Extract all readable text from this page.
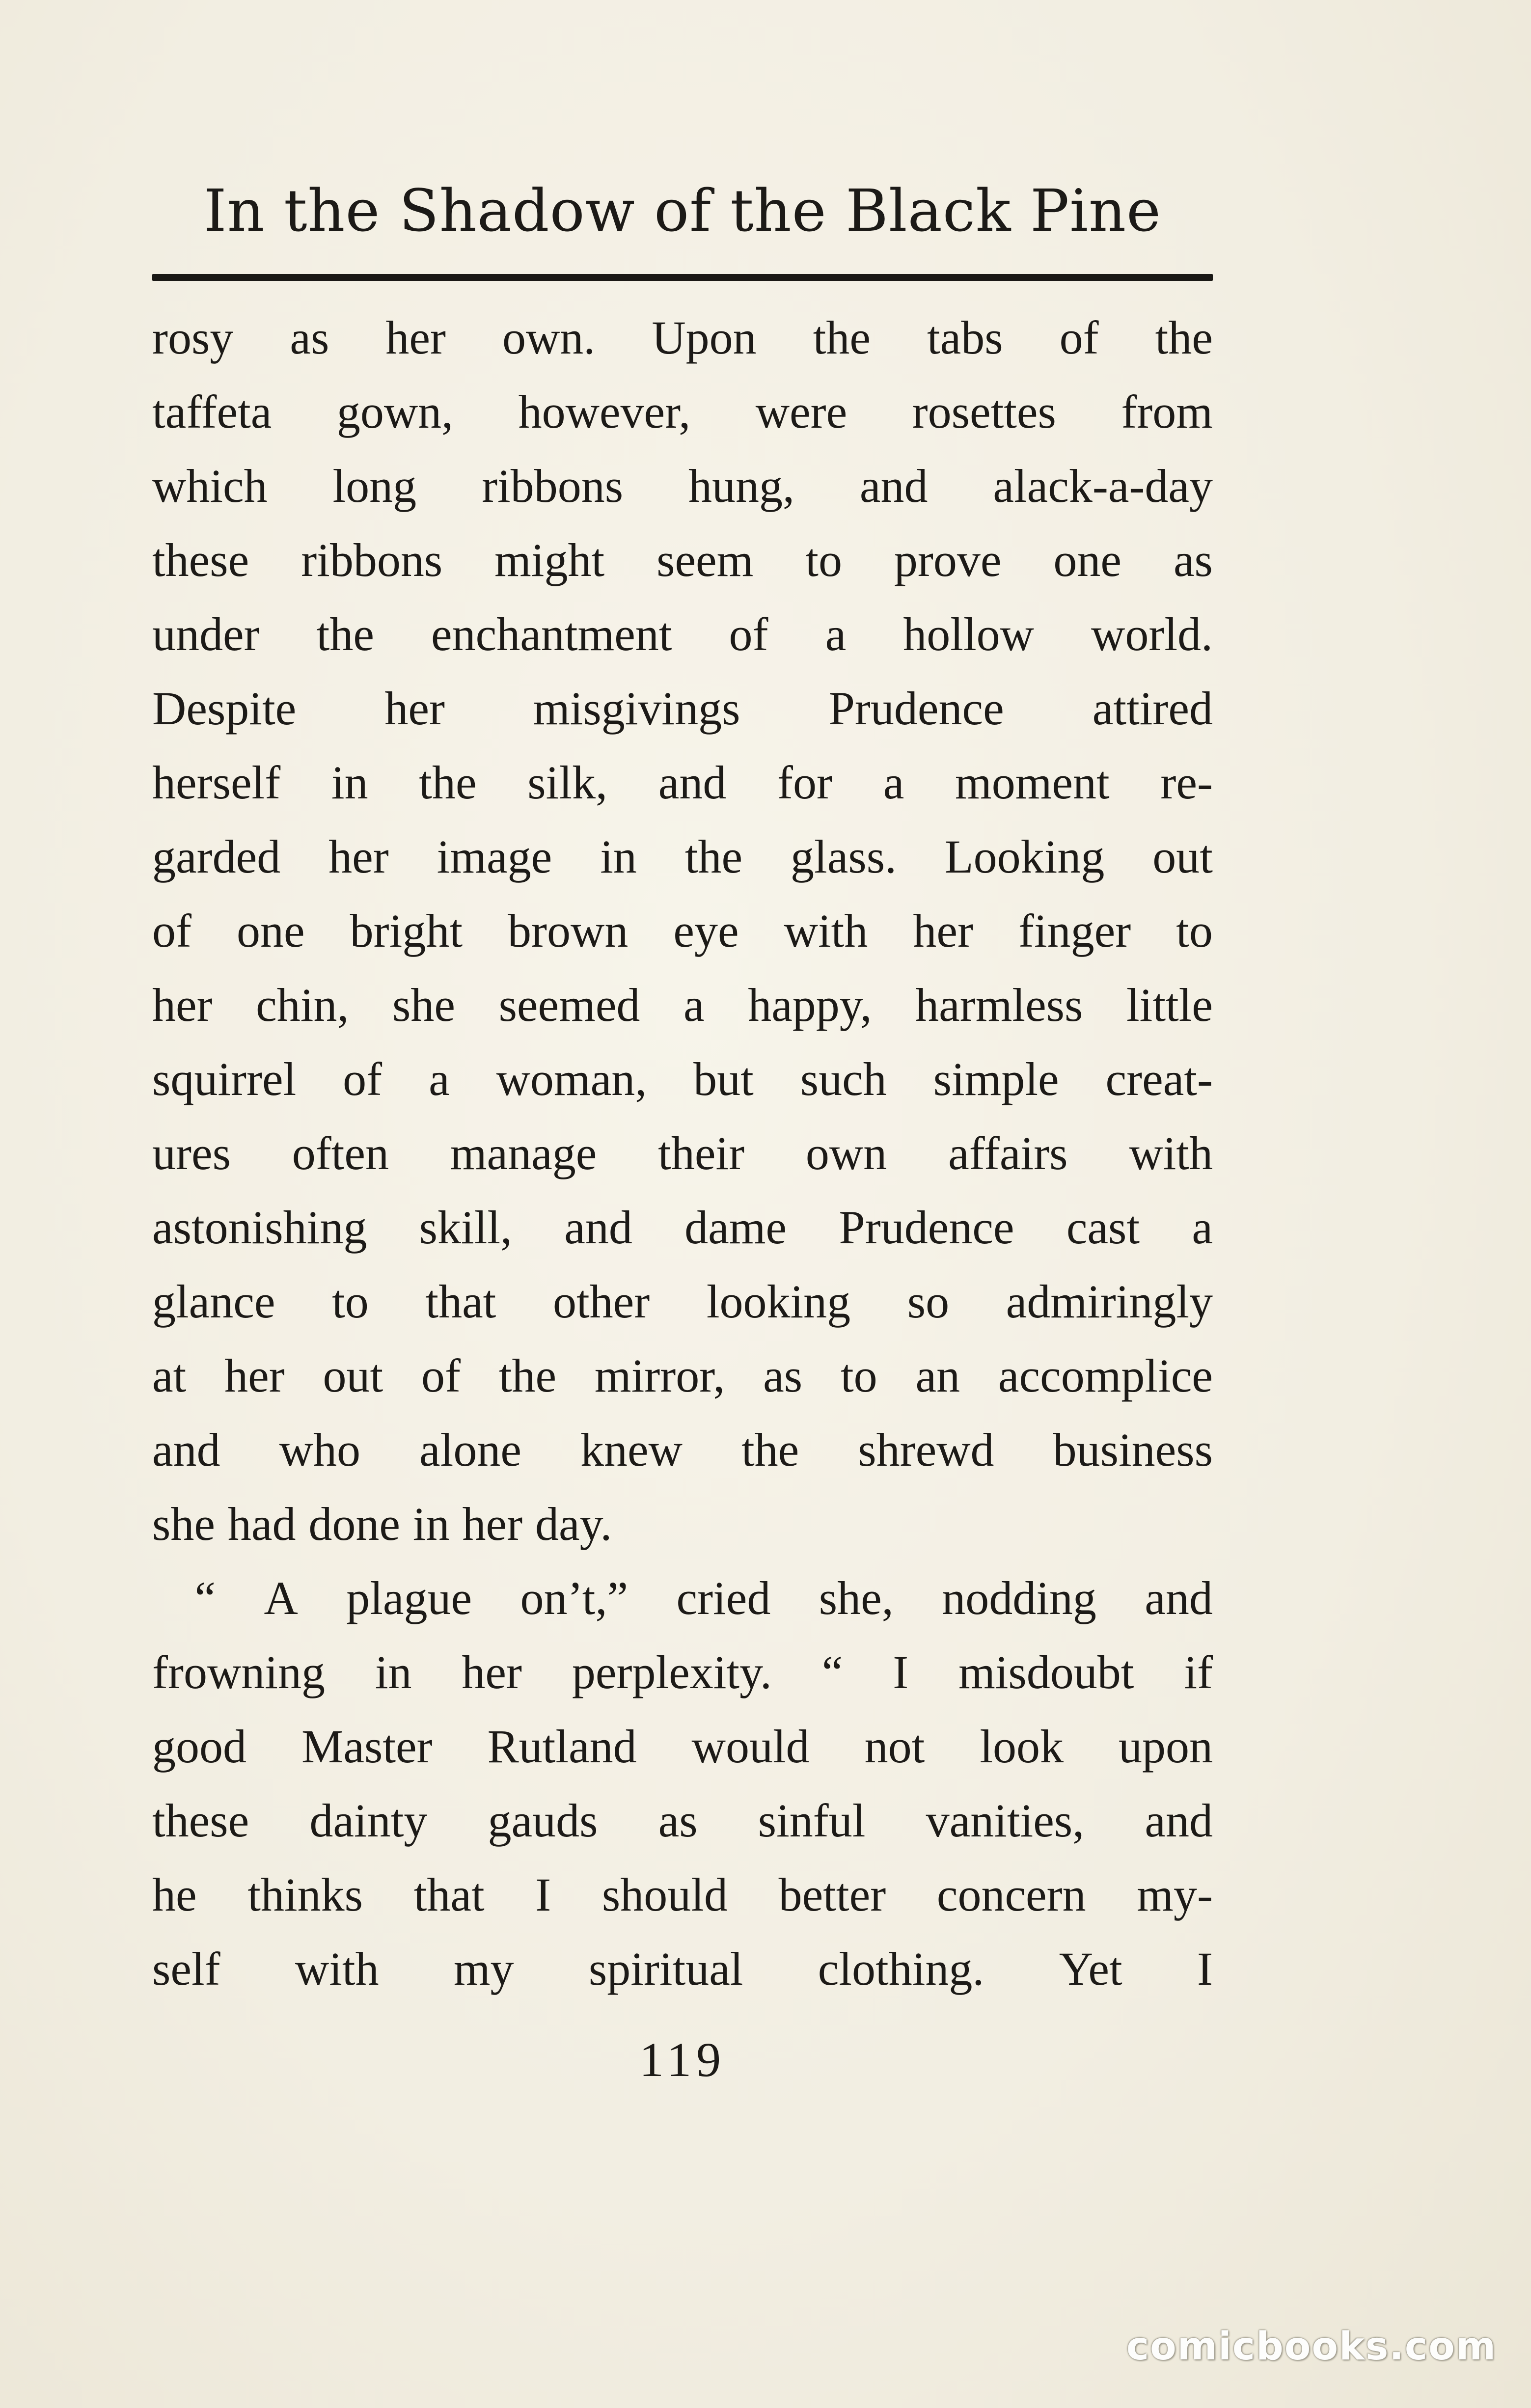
In the Shadow of the Black Pine
rosy as her own. Upon the tabs of the
taffeta gown, however, were rosettes from
which long ribbons hung, and alack-a-day
these ribbons might seem to prove one as
under the enchantment of a hollow world.
Despite her misgivings Prudence attired
herself in the silk, and for a moment re-
garded her image in the glass. Looking out
of one bright brown eye with her finger to
her chin, she seemed a happy, harmless little
squirrel of a woman, but such simple creat-
ures often manage their own affairs with
astonishing skill, and dame Prudence cast a
glance to that other looking so admiringly
at her out of the mirror, as to an accomplice
and who alone knew the shrewd business
she had done in her day.
“ A plague on’t,” cried she, nodding and
frowning in her perplexity. “ I misdoubt if
good Master Rutland would not look upon
these dainty gauds as sinful vanities, and
he thinks that I should better concern my-
self with my spiritual clothing. Yet I
119
comicbooks.com
